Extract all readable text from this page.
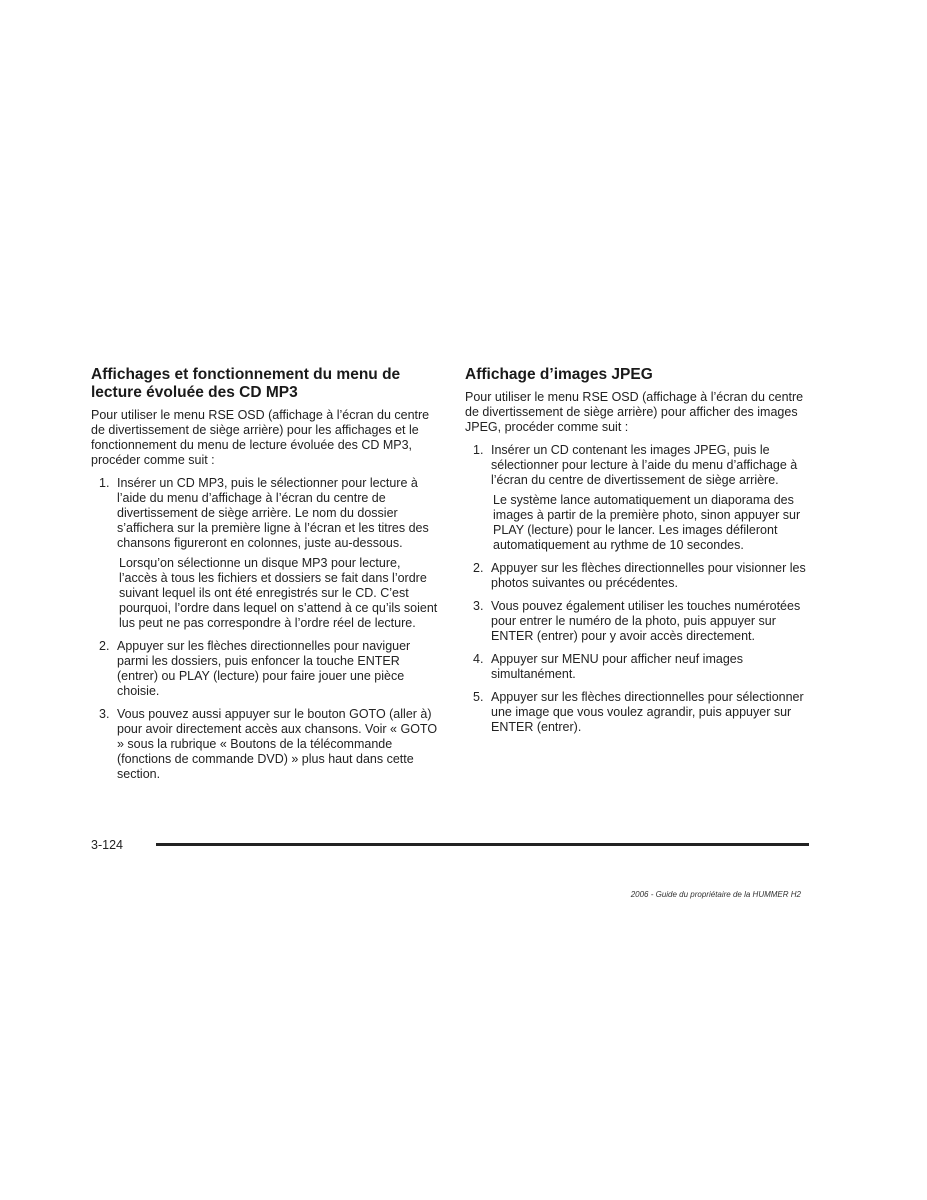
Affichages et fonctionnement du menu de lecture évoluée des CD MP3

Pour utiliser le menu RSE OSD (affichage à l’écran du centre de divertissement de siège arrière) pour les affichages et le fonctionnement du menu de lecture évoluée des CD MP3, procéder comme suit :

1. Insérer un CD MP3, puis le sélectionner pour lecture à l’aide du menu d’affichage à l’écran du centre de divertissement de siège arrière. Le nom du dossier s’affichera sur la première ligne à l’écran et les titres des chansons figureront en colonnes, juste au-dessous.
Lorsqu’on sélectionne un disque MP3 pour lecture, l’accès à tous les fichiers et dossiers se fait dans l’ordre suivant lequel ils ont été enregistrés sur le CD. C’est pourquoi, l’ordre dans lequel on s’attend à ce qu’ils soient lus peut ne pas correspondre à l’ordre réel de lecture.
2. Appuyer sur les flèches directionnelles pour naviguer parmi les dossiers, puis enfoncer la touche ENTER (entrer) ou PLAY (lecture) pour faire jouer une pièce choisie.
3. Vous pouvez aussi appuyer sur le bouton GOTO (aller à) pour avoir directement accès aux chansons. Voir « GOTO » sous la rubrique « Boutons de la télécommande (fonctions de commande DVD) » plus haut dans cette section.
Affichage d’images JPEG

Pour utiliser le menu RSE OSD (affichage à l’écran du centre de divertissement de siège arrière) pour afficher des images JPEG, procéder comme suit :

1. Insérer un CD contenant les images JPEG, puis le sélectionner pour lecture à l’aide du menu d’affichage à l’écran du centre de divertissement de siège arrière.
Le système lance automatiquement un diaporama des images à partir de la première photo, sinon appuyer sur PLAY (lecture) pour le lancer. Les images défileront automatiquement au rythme de 10 secondes.
2. Appuyer sur les flèches directionnelles pour visionner les photos suivantes ou précédentes.
3. Vous pouvez également utiliser les touches numérotées pour entrer le numéro de la photo, puis appuyer sur ENTER (entrer) pour y avoir accès directement.
4. Appuyer sur MENU pour afficher neuf images simultanément.
5. Appuyer sur les flèches directionnelles pour sélectionner une image que vous voulez agrandir, puis appuyer sur ENTER (entrer).
3-124
2006 - Guide du propriétaire de la HUMMER H2
